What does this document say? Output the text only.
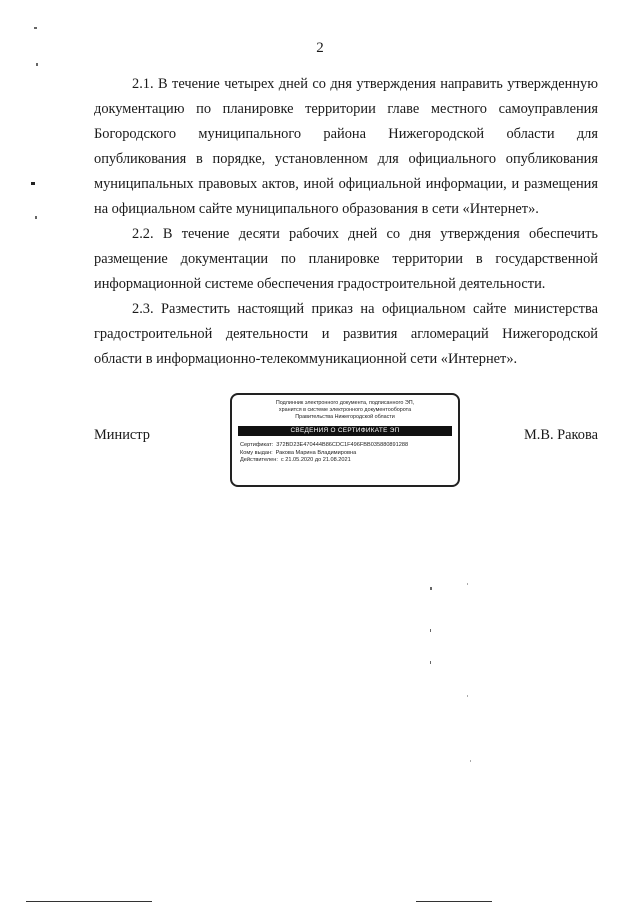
2

2.1. В течение четырех дней со дня утверждения направить утвержденную документацию по планировке территории главе местного самоуправления Богородского муниципального района Нижегородской области для опубликования в порядке, установленном для официального опубликования муниципальных правовых актов, иной официальной информации, и размещения на официальном сайте муниципального образования в сети «Интернет».

2.2. В течение десяти рабочих дней со дня утверждения обеспечить размещение документации по планировке территории в государственной информационной системе обеспечения градостроительной деятельности.

2.3. Разместить настоящий приказ на официальном сайте министерства градостроительной деятельности и развития агломераций Нижегородской области в информационно-телекоммуникационной сети «Интернет».

Министр	М.В. Ракова
Подлинник электронного документа, подписанного ЭП,
хранится в системе электронного документооборота
Правительства Нижегородской области
СВЕДЕНИЯ О СЕРТИФИКАТЕ ЭП
Сертификат: 372BD23E470444B86CDC1F496FBB035880891288
Кому выдан: Ракова Марина Владимировна
Действителен: с 21.05.2020 до 21.08.2021
